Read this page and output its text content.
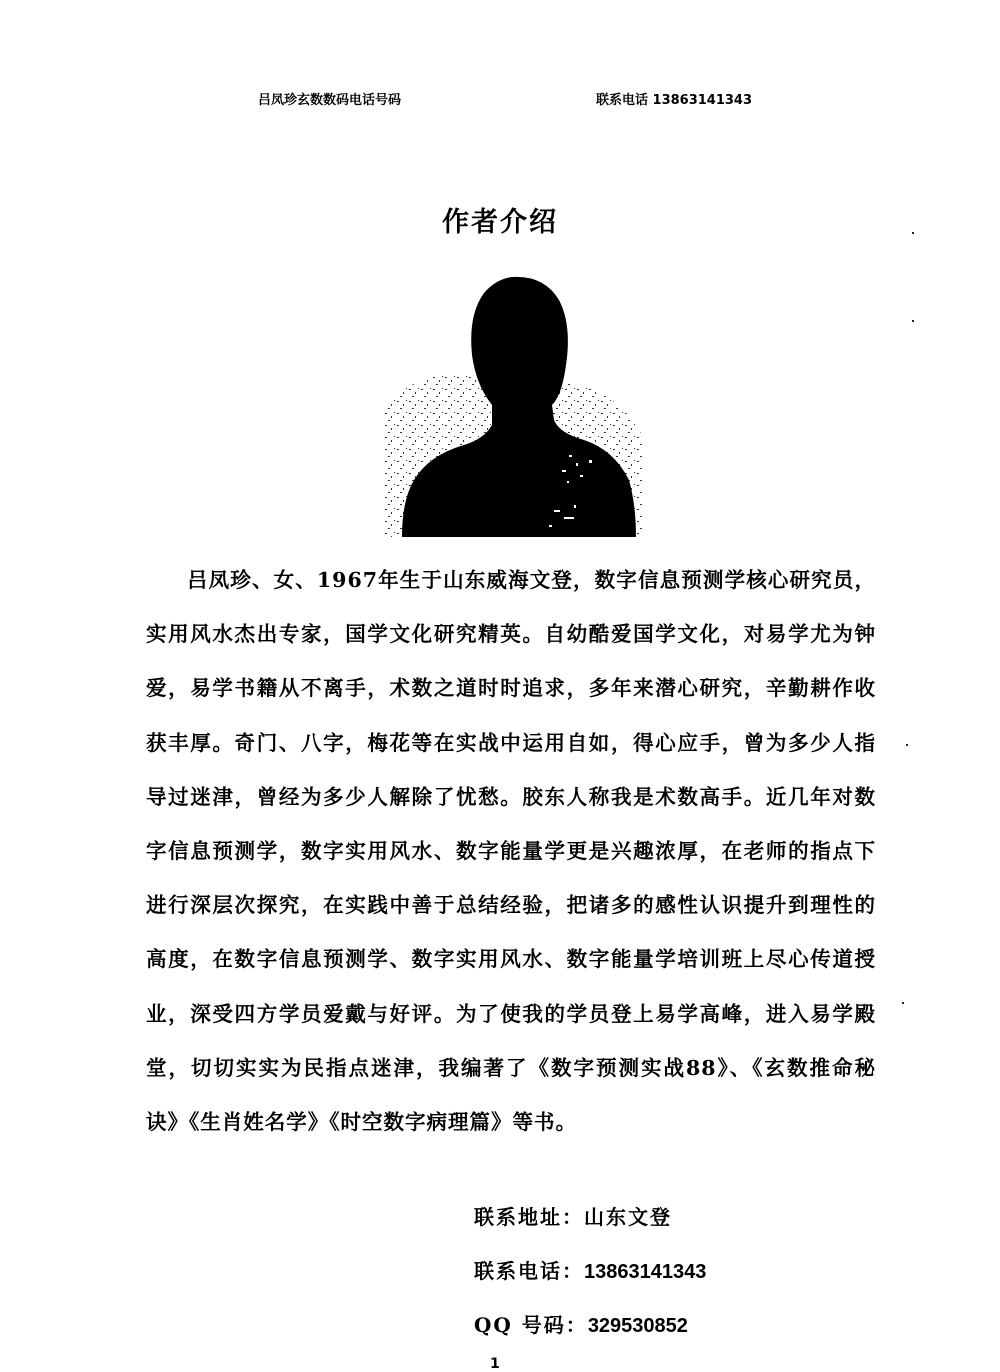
吕凤珍玄数数码电话号码	联系电话 13863141343
作者介绍
吕凤珍、女、1967年生于山东威海文登，数字信息预测学核心研究员，实用风水杰出专家，国学文化研究精英。自幼酷爱国学文化，对易学尤为钟爱，易学书籍从不离手，术数之道时时追求，多年来潜心研究，辛勤耕作收获丰厚。奇门、八字，梅花等在实战中运用自如，得心应手，曾为多少人指导过迷津，曾经为多少人解除了忧愁。胶东人称我是术数高手。近几年对数字信息预测学，数字实用风水、数字能量学更是兴趣浓厚，在老师的指点下进行深层次探究，在实践中善于总结经验，把诸多的感性认识提升到理性的高度，在数字信息预测学、数字实用风水、数字能量学培训班上尽心传道授业，深受四方学员爱戴与好评。为了使我的学员登上易学高峰，进入易学殿堂，切切实实为民指点迷津，我编著了《数字预测实战88》、《玄数推命秘诀》《生肖姓名学》《时空数字病理篇》等书。
联系地址：山东文登
联系电话：13863141343
QQ 号码：329530852
1
